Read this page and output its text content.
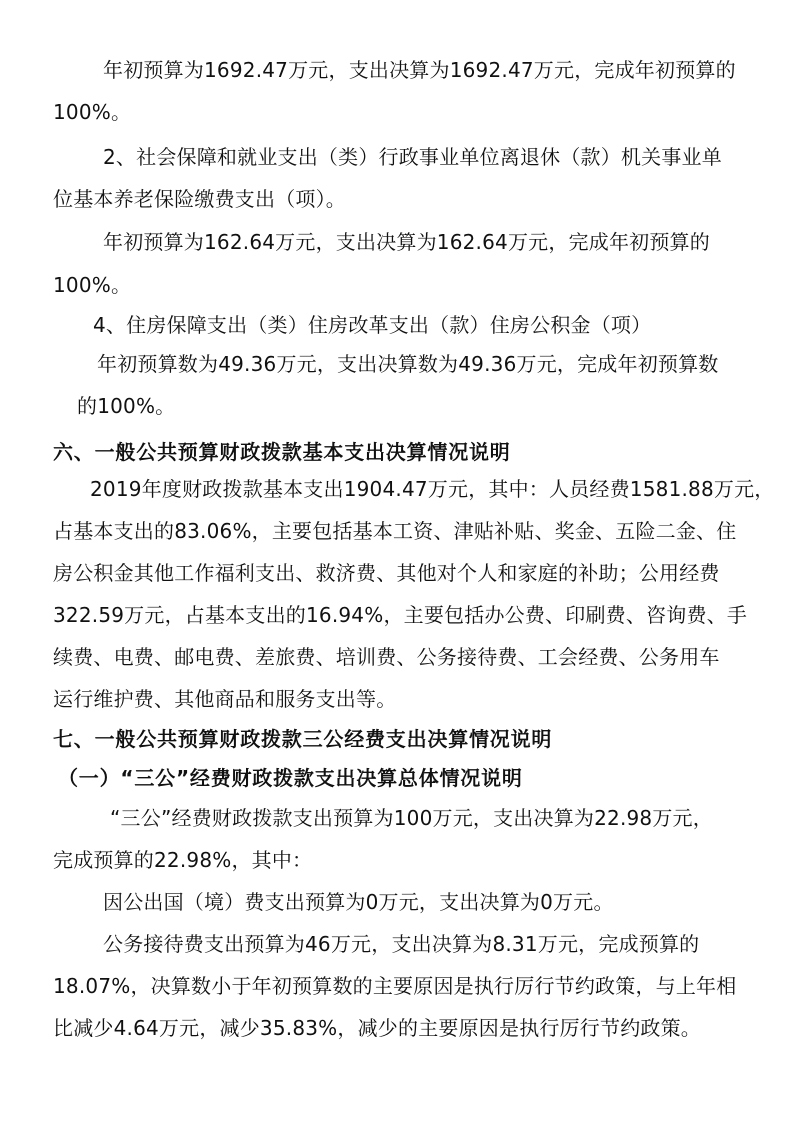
年初预算为1692.47万元，支出决算为1692.47万元，完成年初预算的
100%。
2、社会保障和就业支出（类）行政事业单位离退休（款）机关事业单
位基本养老保险缴费支出（项）。
年初预算为162.64万元，支出决算为162.64万元，完成年初预算的
100%。
4、住房保障支出（类）住房改革支出（款）住房公积金（项）
年初预算数为49.36万元，支出决算数为49.36万元，完成年初预算数
的100%。
六、一般公共预算财政拨款基本支出决算情况说明
2019年度财政拨款基本支出1904.47万元，其中：人员经费1581.88万元，
占基本支出的83.06%，主要包括基本工资、津贴补贴、奖金、五险二金、住
房公积金其他工作福利支出、救济费、其他对个人和家庭的补助；公用经费
322.59万元，占基本支出的16.94%，主要包括办公费、印刷费、咨询费、手
续费、电费、邮电费、差旅费、培训费、公务接待费、工会经费、公务用车
运行维护费、其他商品和服务支出等。
七、一般公共预算财政拨款三公经费支出决算情况说明
（一）“三公”经费财政拨款支出决算总体情况说明
“三公”经费财政拨款支出预算为100万元，支出决算为22.98万元，
完成预算的22.98%，其中：
因公出国（境）费支出预算为0万元，支出决算为0万元。
公务接待费支出预算为46万元，支出决算为8.31万元，完成预算的
18.07%，决算数小于年初预算数的主要原因是执行厉行节约政策，与上年相
比减少4.64万元，减少35.83%，减少的主要原因是执行厉行节约政策。
